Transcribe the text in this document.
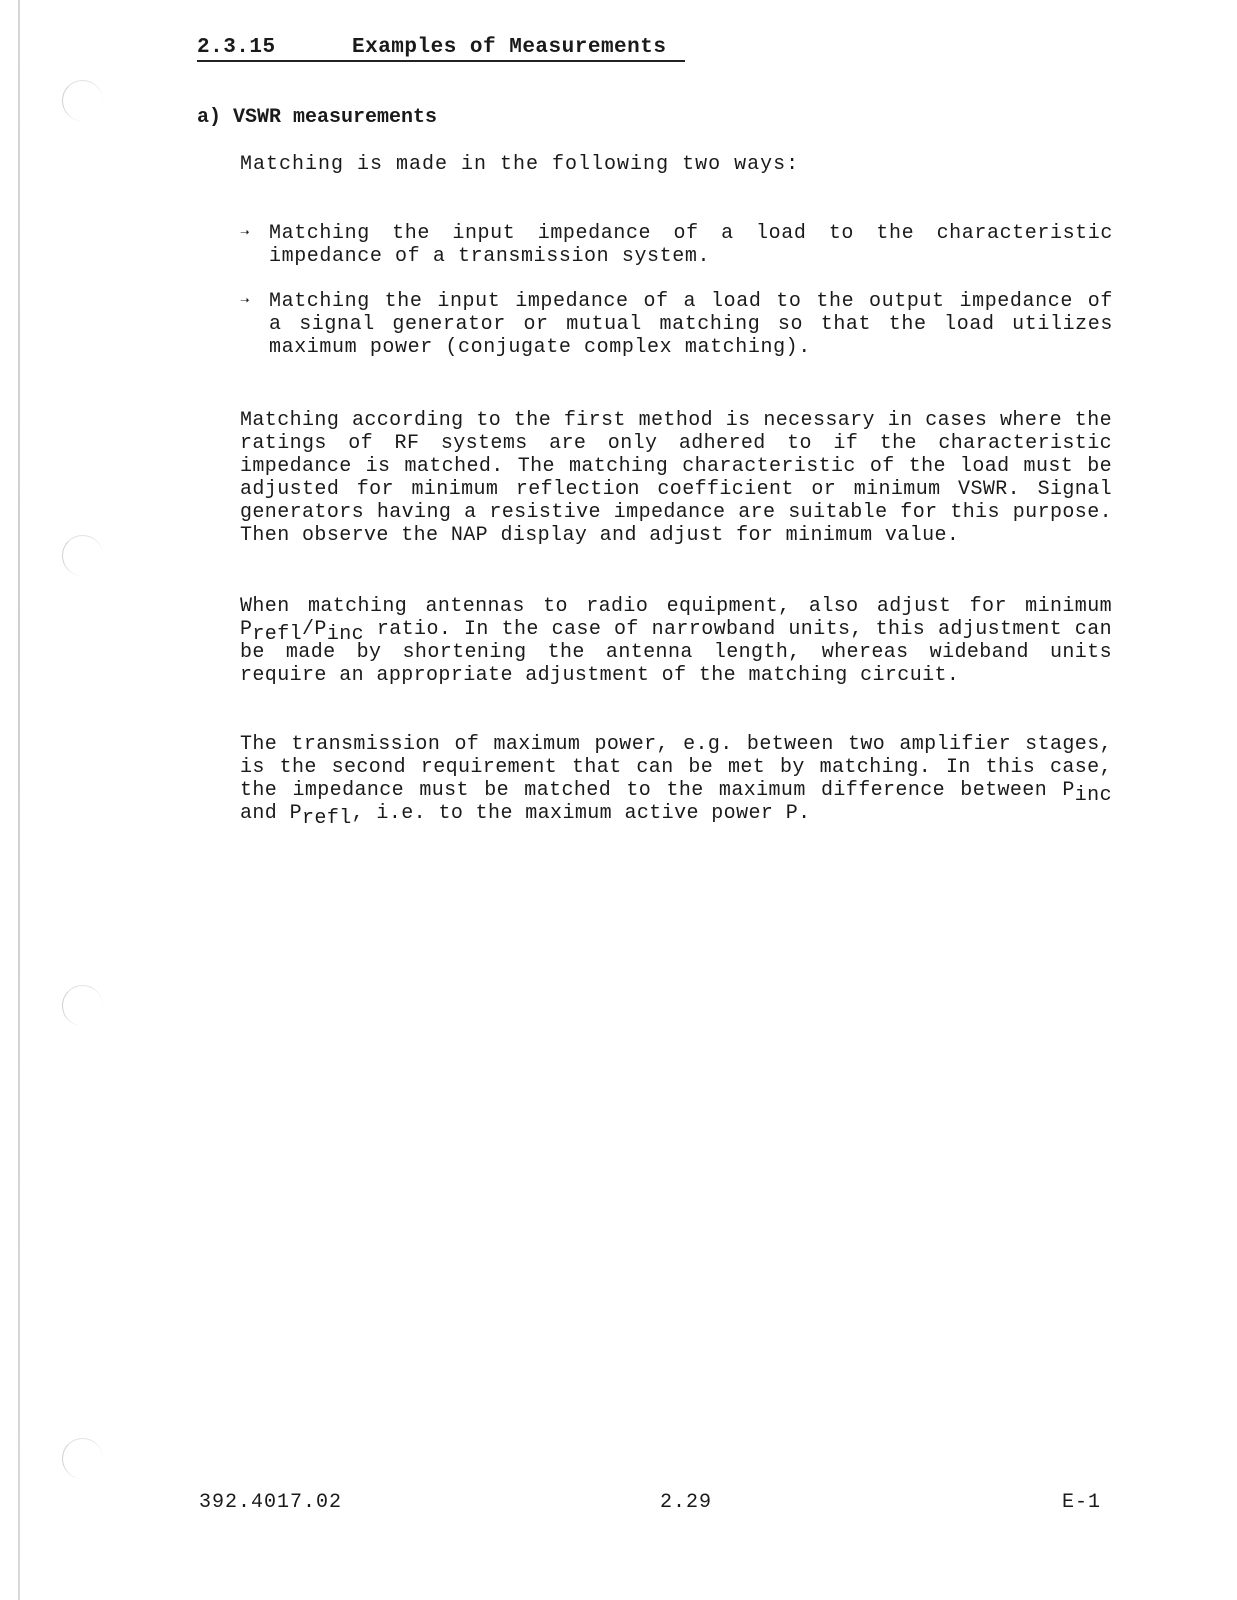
2.3.15	Examples of Measurements
a) VSWR measurements
Matching is made in the following two ways:
➝ Matching the input impedance of a load to the characteristic impedance of a transmission system.
➝ Matching the input impedance of a load to the output impedance of a signal generator or mutual matching so that the load utilizes maximum power (conjugate complex matching).

Matching according to the first method is necessary in cases where the ratings of RF systems are only adhered to if the characteristic impedance is matched. The matching characteristic of the load must be adjusted for minimum reflection coefficient or minimum VSWR. Signal generators having a resistive impedance are suitable for this purpose. Then observe the NAP display and adjust for minimum value.

When matching antennas to radio equipment, also adjust for minimum $P_{refl}/P_{inc}$ ratio. In the case of narrowband units, this adjustment can be made by shortening the antenna length, whereas wideband units require an appropriate adjustment of the matching circuit.

The transmission of maximum power, e.g. between two amplifier stages, is the second requirement that can be met by matching. In this case, the impedance must be matched to the maximum difference between $P_{inc}$ and $P_{refl}$, i.e. to the maximum active power P.

392.4017.02	2.29	E-1
